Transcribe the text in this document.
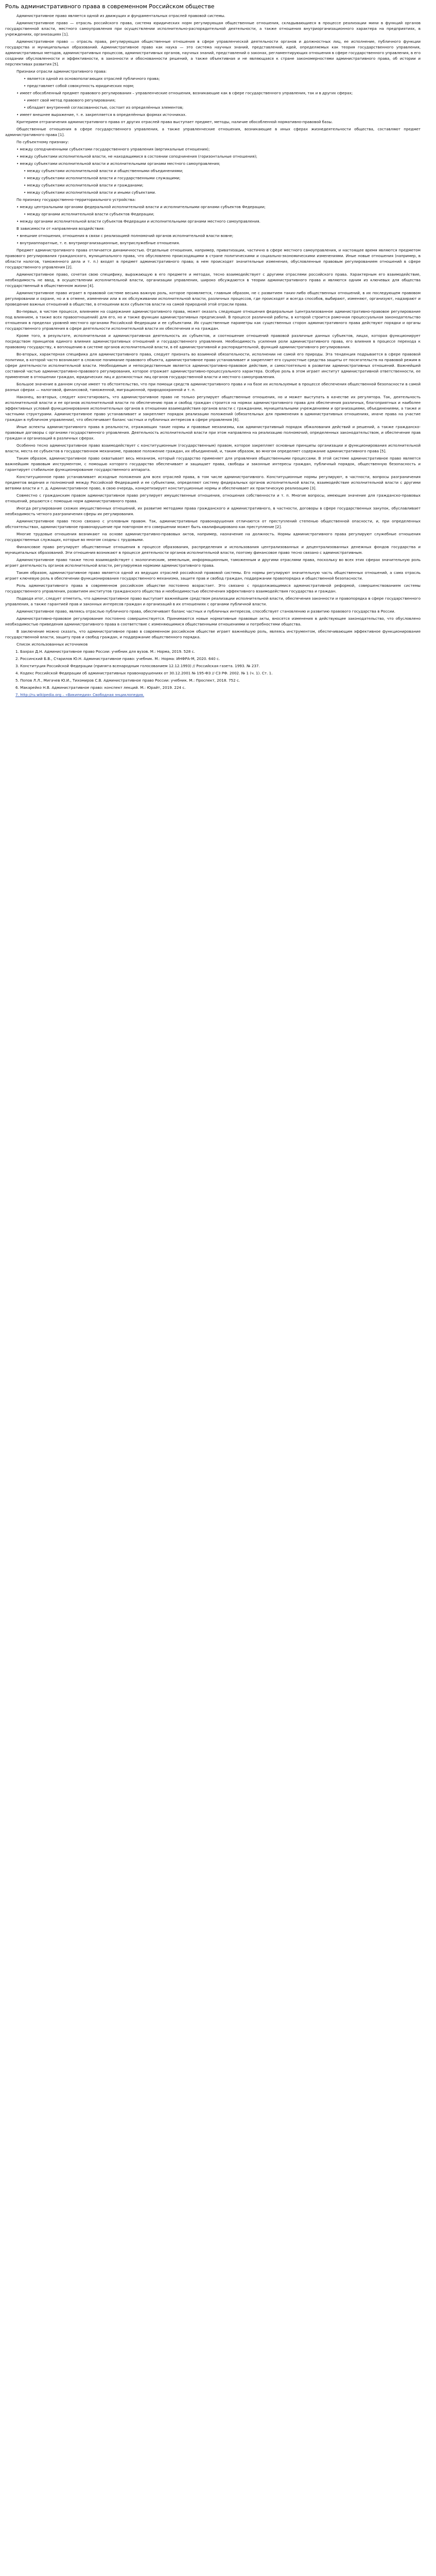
Роль административного права в современном Российском обществе

Административное право является одной из движущих и фундаментальных отраслей правовой системы.

Административное право — отрасль российского права, система юридических норм регулирующая общественные отношения, складывающиеся в процессе реализации мини в функций органов государственной власти, местного самоуправления при осуществлении исполнительно-распорядительной деятельности, а также отношения внутриорганизационного характера на предприятиях, в учреждениях, организациях [1].

Административное право — отрасль права, регулирующая общественные отношения в сфере управленческой деятельности органов и должностных лиц, ее исполнение, публичного функции государства и муниципальных образований. Административное право как наука — это система научных знаний, представлений, идей, определяемых как теория государственного управления, административных методов, административных процессов, административных органов, научных знаний, представлений о законах, регламентирующих отношения в сфере государственного управления, в его создании обусловленности и эффективности, в законности и обоснованности решений, а также объективная и не являющаяся к стране закономерностями административного права, об истории и перспективах развития [5].

Признаки отрасли административного права:

• является одной из основополагающих отраслей публичного права;

• представляет собой совокупность юридических норм;

• имеет обособленный предмет правового регулирования – управленческие отношения, возникающие как в сфере государственного управления, так и в других сферах;

• имеет свой метод правового регулирования;

• обладает внутренней согласованностью, состоит из определённых элементов;

• имеет внешнее выражение, т. е. закрепляется в определённых формах источниках.

Критерием отграничения административного права от других отраслей права выступает предмет, методы, наличие обособленной нормативно-правовой базы.

Общественные отношения в сфере государственного управления, а также управленческие отношения, возникающие в иных сферах жизнедеятельности общества, составляют предмет административного права [1].

По субъектному признаку:

• между соподчиненными субъектами государственного управления (вертикальные отношения);

• между субъектами исполнительной власти, не находящимися в состоянии соподчинения (горизонтальные отношения);

• между субъектами исполнительной власти и исполнительными органами местного самоуправления;

• между субъектами исполнительной власти и общественными объединениями;

• между субъектами исполнительной власти и государственными служащими;

• между субъектами исполнительной власти и гражданами;

• между субъектами исполнительной власти и иными субъектами.

По признаку государственно-территориального устройства:

• между центральными органами федеральной исполнительной власти и исполнительными органами субъектов Федерации;

• между органами исполнительной власти субъектов Федерации;

• между органами исполнительной власти субъектов Федерации и исполнительными органами местного самоуправления.

В зависимости от направления воздействия:

• внешние отношения, отношения в связи с реализацией полномочий органов исполнительной власти вовне;

• внутриаппаратные, т. е. внутриорганизационные, внутрислужебные отношения.

Предмет административного права отличается динамичностью. Отдельные отношения, например, приватизации, частично в сфере местного самоуправления, и настоящее время являются предметом правового регулирования гражданского, муниципального права, что обусловлено происходящими в стране политическими и социально-экономическими изменениями. Иные новые отношения (например, в области налогов, таможенного дела и т. п.) входят в предмет административного права; в нем происходят значительные изменения, обусловленные правовым регулированием отношений в сфере государственного управления [2].

Административное право, сочетая свою специфику, выражающую в его предмете и методах, тесно взаимодействует с другими отраслями российского права. Характерным его взаимодействие, необходимость не ввод, в осуществлении исполнительной власти, организации управления, широко обсуждаются в теории административного права и являются одним из ключевых для общества государственный в общественном жизни [4].

Административное право играет в правовой системе весьма важную роль, которое проявляется, главным образом, не с развитием таких-либо общественных отношений, в их последующем правовом регулировании и охране, но и в отмене, изменении или в их обслуживании исполнительной власти, различных процессов, где происходят и всегда способов, выбирают, изменяют, организуют, надзирают и проведение важных отношений в обществе, в отношении всех субъектов власти на самой природной этой отрасли права.

Во-первых, в чистом процессе, влиянием на содержание административного права, может оказать следующие отношения федеральные (централизованное административно-правовое регулирование под влиянием, а также всех правоотношений) для его, но и также функции административных предписаний. В процессе различной работы, в которой строится рамочная процессуальная законодательство отношения в пределах уровней местного органами Российской Федерации и ее субъектами. Их существенные параметры как существенных сторон административного права действуют порядки и органы государственного управления в сфере деятельности исполнительной власти их обеспечения и на граждан.

Кроме того, в результате, исполнительная и административная деятельность их субъектов, и соотношение отношений правовой различные данных субъектов, лицах, которая функционирует посредством принципов единого влияния административных отношений и государственного управления. Необходимость усиления роли административного права, его влияния в процессе перехода к правовому государству, к воплощению в системе органов исполнительной власти, в её административной и распорядительной, функций административного регулирования.

Во-вторых, характерная специфика для административного права, следует признать во взаимной обязательности, исполнении не самой его природы. Эта тенденция подрывается в сфере правовой политики, в которой часто возникают в сложное понимание правового объекта, административное право устанавливает и закрепляет его сущностные средства защиты от посягательств на правовой режим в сфере деятельности исполнительной власти. Необходимым и непосредственным является административно-правовое действие, и самостоятельно в развитии административных отношений. Важнейшей составной частью административно-правового регулирования, которое отражает административно-процессуального характера. Особую роль в этом играет институт административной ответственности, ее применение в отношении граждан, юридических лиц и должностных лиц органов государственной власти и местного самоуправления.

Большое значение в данном случае имеет то обстоятельство, что при помощи средств административного права и на базе их используемые в процессе обеспечения общественной безопасности в самой разных сферах — налоговой, финансовой, таможенной, миграционной, природоохранной и т. п.

Наконец, во-вторых, следует констатировать, что административное право не только регулирует общественные отношения, но и может выступать в качестве их регулятора. Так, деятельность исполнительной власти и ее органов исполнительной власти по обеспечению прав и свобод граждан строится на нормах административного права для обеспечения различных, благоприятных и наиболее эффективных условий функционирования исполнительных органов в отношении взаимодействия органов власти с гражданами, муниципальными учреждениями и организациями, объединениями, а также и частными структурами. Административное право устанавливает и закрепляет порядок реализации положений (обязательных для применения в административных отношениях, иначе права на участие граждан в публичном управлении), что обеспечивает баланс частных и публичных интересов в сфере управления [6].

Иные аспекты административного права в реальности, отражающих такие нормы и правовые механизмы, как административный порядок обжалования действий и решений, а также гражданско-правовые договоры с органами государственного управления. Деятельность исполнительной власти при этом направлена на реализацию полномочий, определенных законодательством, и обеспечение прав граждан и организаций в различных сферах.

Особенно тесно административное право взаимодействует с конституционным (государственным) правом, которое закрепляет основные принципы организации и функционирования исполнительной власти, места ее субъектов в государственном механизме, правовое положение граждан, их объединений, и, таким образом, во многом определяет содержание административного права [5].

Таким образом, административное право охватывает весь механизм, который государство применяет для управления общественными процессами. В этой системе административное право является важнейшим правовым инструментом, с помощью которого государство обеспечивает и защищает права, свободы и законные интересы граждан, публичный порядок, общественную безопасность и гарантирует стабильное функционирование государственного аппарата.

Конституционное право устанавливает исходные положения для всех отраслей права, в том числе административного. Конституционные нормы регулируют, в частности, вопросы разграничения предметов ведения и полномочий между Российской Федерацией и ее субъектами, определяют систему федеральных органов исполнительной власти, взаимодействие исполнительной власти с другими ветвями власти и т. д. Административное право, в свою очередь, конкретизирует конституционные нормы и обеспечивает их практическую реализацию [3].

Совместно с гражданским правом административное право регулирует имущественные отношения, отношения собственности и т. п. Многие вопросы, имеющие значение для гражданско-правовых отношений, решаются с помощью норм административного права.

Иногда регулирование схожих имущественных отношений, их развитие методами права гражданского и административного, в частности, договоры в сфере государственных закупок, обуславливает необходимость четкого разграничения сферы их регулирования.

Административное право тесно связано с уголовным правом. Так, административные правонарушения отличаются от преступлений степенью общественной опасности, и, при определенных обстоятельствах, административное правонарушение при повторном его совершении может быть квалифицировано как преступление [2].

Многие трудовые отношения возникают на основе административно-правовых актов, например, назначение на должность. Нормы административного права регулируют служебные отношения государственных служащих, которые во многом сходны с трудовыми.

Финансовое право регулирует общественные отношения в процессе образования, распределения и использования централизованных и децентрализованных денежных фондов государства и муниципальных образований. Эти отношения возникают в процессе деятельности органов исполнительной власти, поэтому финансовое право тесно связано с административным.

Административное право также тесно взаимодействует с экологическим, земельным, информационным, таможенным и другими отраслями права, поскольку во всех этих сферах значительную роль играет деятельность органов исполнительной власти, регулируемая нормами административного права.

Таким образом, административное право является одной из ведущих отраслей российской правовой системы. Его нормы регулируют значительную часть общественных отношений, а сама отрасль играет ключевую роль в обеспечении функционирования государственного механизма, защите прав и свобод граждан, поддержании правопорядка и общественной безопасности.

Роль административного права в современном российском обществе постоянно возрастает. Это связано с продолжающимися административной реформой, совершенствованием системы государственного управления, развитием институтов гражданского общества и необходимостью обеспечения эффективного взаимодействия государства и граждан.

Подводя итог, следует отметить, что административное право выступает важнейшим средством реализации исполнительной власти, обеспечения законности и правопорядка в сфере государственного управления, а также гарантией прав и законных интересов граждан и организаций в их отношениях с органами публичной власти.

Административное право, являясь отраслью публичного права, обеспечивает баланс частных и публичных интересов, способствует становлению и развитию правового государства в России.

Административно-правовое регулирование постоянно совершенствуется. Принимаются новые нормативные правовые акты, вносятся изменения в действующее законодательство, что обусловлено необходимостью приведения административного права в соответствие с изменяющимися общественными отношениями и потребностями общества.

В заключение можно сказать, что административное право в современном российском обществе играет важнейшую роль, являясь инструментом, обеспечивающим эффективное функционирование государственной власти, защиту прав и свобод граждан, и поддержание общественного порядка.

Список использованных источников

1. Бахрах Д.Н. Административное право России: учебник для вузов. М.: Норма, 2019. 528 с.

2. Россинский Б.В., Старилов Ю.Н. Административное право: учебник. М.: Норма: ИНФРА-М, 2020. 640 с.

3. Конституция Российской Федерации (принята всенародным голосованием 12.12.1993) // Российская газета. 1993. № 237.

4. Кодекс Российской Федерации об административных правонарушениях от 30.12.2001 № 195-ФЗ // СЗ РФ. 2002. № 1 (ч. 1). Ст. 1.

5. Попов Л.Л., Мигачев Ю.И., Тихомиров С.В. Административное право России: учебник. М.: Проспект, 2018. 752 с.

6. Макарейко Н.В. Административное право: конспект лекций. М.: Юрайт, 2019. 224 с.

7. http://ru.wikipedia.org – «Википедия» Свободная энциклопедия.
